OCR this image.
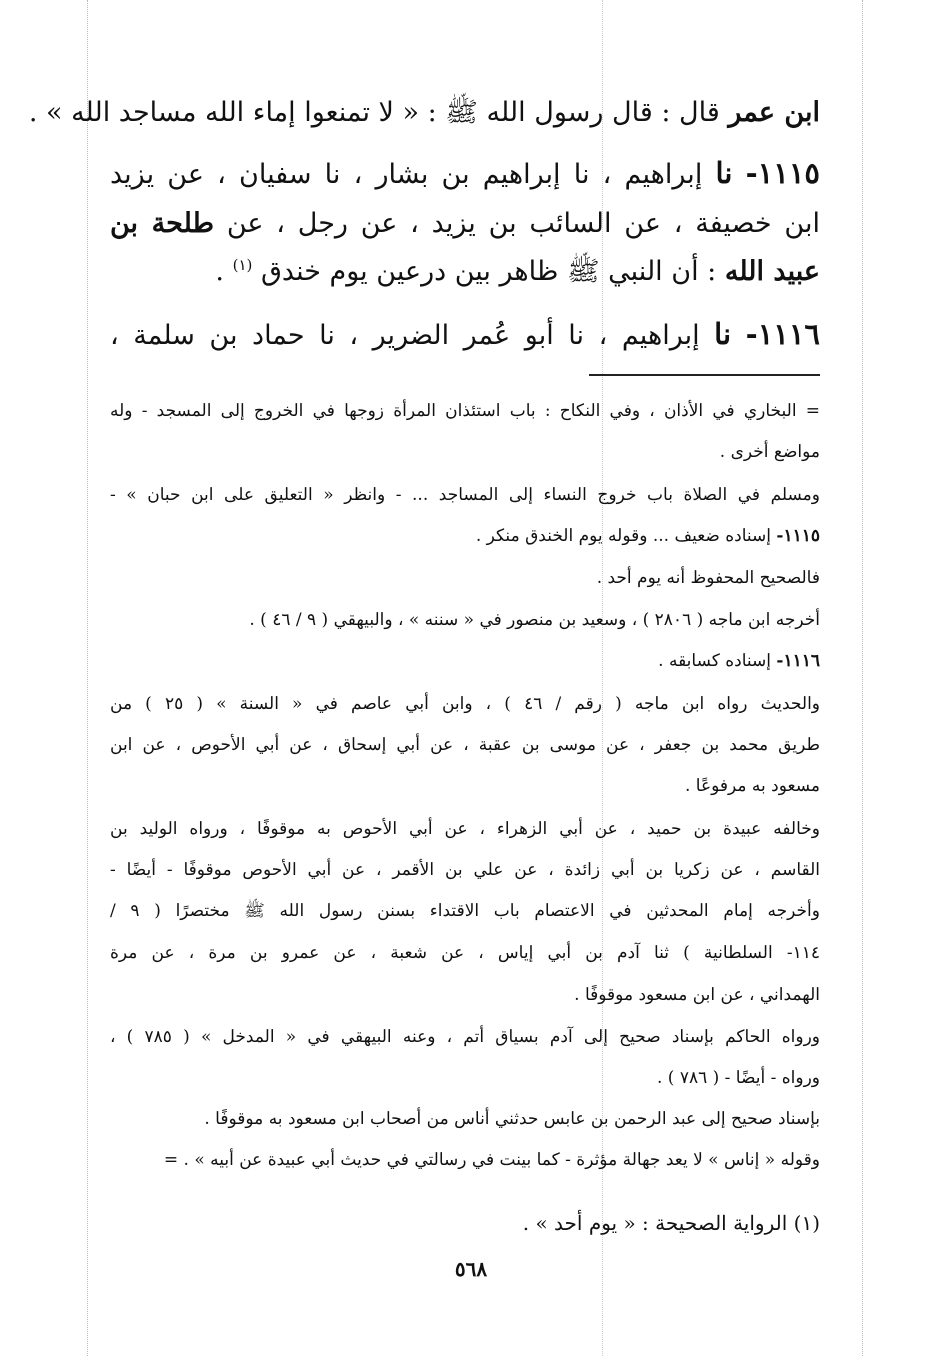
ابن عمر قال : قال رسول الله ﷺ : « لا تمنعوا إماء الله مساجد الله » .
١١١٥- نا إبراهيم ، نا إبراهيم بن بشار ، نا سفيان ، عن يزيد
ابن خصيفة ، عن السائب بن يزيد ، عن رجل ، عن طلحة بن
عبيد الله : أن النبي ﷺ ظاهر بين درعين يوم خندق $^{(١)}$ .
١١١٦- نا إبراهيم ، نا أبو عُمر الضرير ، نا حماد بن سلمة ،
= البخاري في الأذان ، وفي النكاح : باب استئذان المرأة زوجها في الخروج إلى المسجد - وله
مواضع أخرى .
ومسلم في الصلاة باب خروج النساء إلى المساجد ... - وانظر « التعليق على ابن حبان » -
١١١٥- إسناده ضعيف ... وقوله يوم الخندق منكر .
فالصحيح المحفوظ أنه يوم أحد .
أخرجه ابن ماجه ( ٢٨٠٦ ) ، وسعيد بن منصور في « سننه » ، والبيهقي ( ٩ / ٤٦ ) .
١١١٦- إسناده كسابقه .
والحديث رواه ابن ماجه ( رقم / ٤٦ ) ، وابن أبي عاصم في « السنة » ( ٢٥ ) من
طريق محمد بن جعفر ، عن موسى بن عقبة ، عن أبي إسحاق ، عن أبي الأحوص ، عن ابن
مسعود به مرفوعًا .
وخالفه عبيدة بن حميد ، عن أبي الزهراء ، عن أبي الأحوص به موقوفًا ، ورواه الوليد بن
القاسم ، عن زكريا بن أبي زائدة ، عن علي بن الأقمر ، عن أبي الأحوص موقوفًا - أيضًا -
وأخرجه إمام المحدثين في الاعتصام باب الاقتداء بسنن رسول الله ﷺ مختصرًا ( ٩ /
١١٤- السلطانية ) ثنا آدم بن أبي إياس ، عن شعبة ، عن عمرو بن مرة ، عن مرة
الهمداني ، عن ابن مسعود موقوفًا .
ورواه الحاكم بإسناد صحيح إلى آدم بسياق أتم ، وعنه البيهقي في « المدخل » ( ٧٨٥ ) ،
ورواه - أيضًا - ( ٧٨٦ ) .
بإسناد صحيح إلى عبد الرحمن بن عابس حدثني أناس من أصحاب ابن مسعود به موقوفًا .
وقوله « إناس » لا يعد جهالة مؤثرة - كما بينت في رسالتي في حديث أبي عبيدة عن أبيه » . =
(١) الرواية الصحيحة : « يوم أحد » .
٥٦٨
